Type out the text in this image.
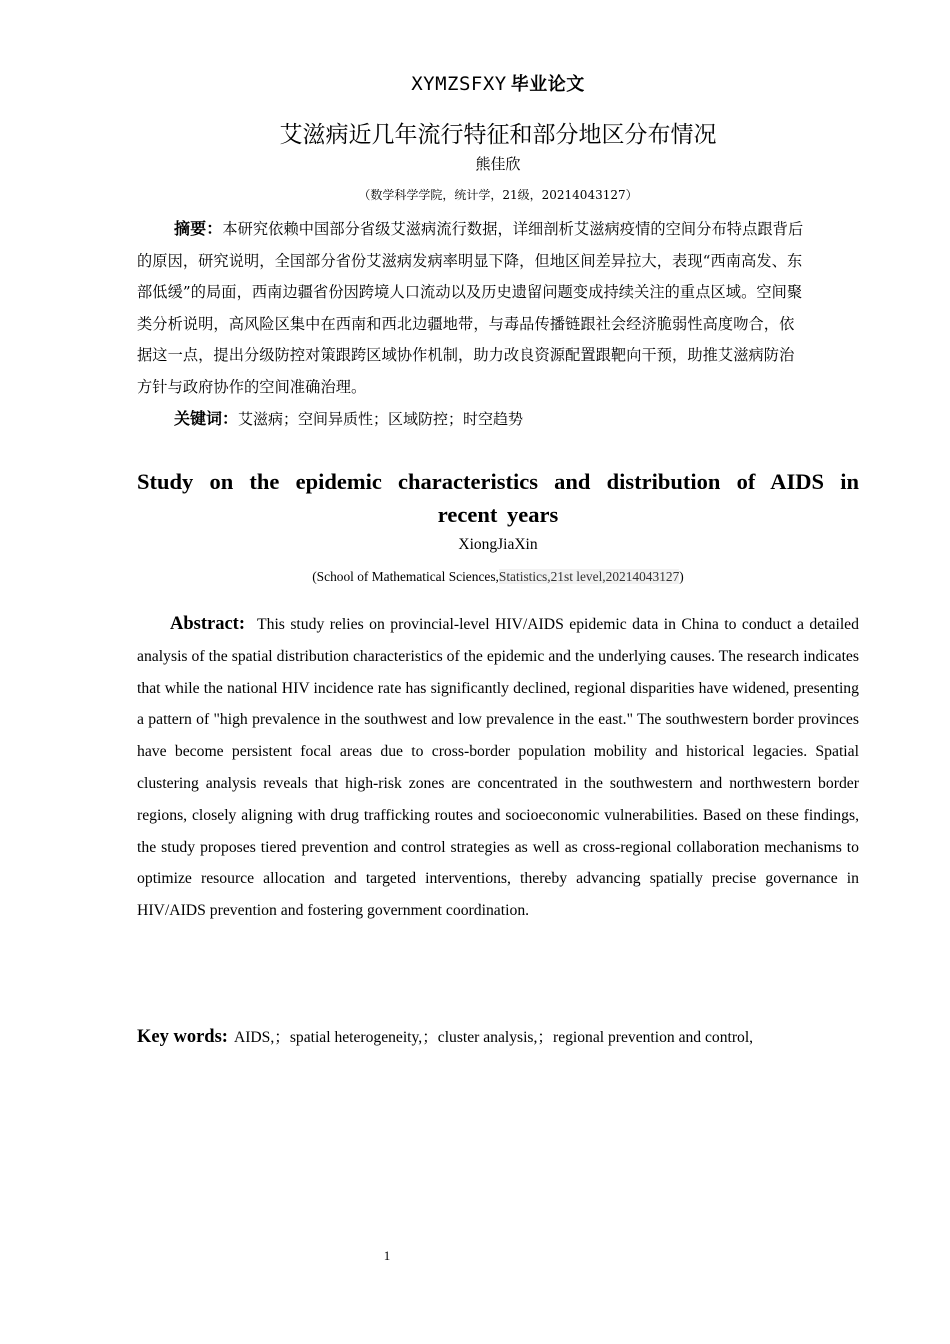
XYMZSFXY 毕业论文
艾滋病近几年流行特征和部分地区分布情况
熊佳欣
（数学科学学院，统计学，21级，20214043127）
摘要：本研究依赖中国部分省级艾滋病流行数据，详细剖析艾滋病疫情的空间分布特点跟背后的原因，研究说明，全国部分省份艾滋病发病率明显下降，但地区间差异拉大，表现“西南高发、东部低缓”的局面，西南边疆省份因跨境人口流动以及历史遗留问题变成持续关注的重点区域。空间聚类分析说明，高风险区集中在西南和西北边疆地带，与毒品传播链跟社会经济脆弱性高度吻合，依据这一点，提出分级防控对策跟跨区域协作机制，助力改良资源配置跟靶向干预，助推艾滋病防治方针与政府协作的空间准确治理。
关键词：艾滋病；空间异质性；区域防控；时空趋势
Study on the epidemic characteristics and distribution of AIDS in recent years
XiongJiaXin
(School of Mathematical Sciences,Statistics,21st level,20214043127)
Abstract: This study relies on provincial-level HIV/AIDS epidemic data in China to conduct a detailed analysis of the spatial distribution characteristics of the epidemic and the underlying causes. The research indicates that while the national HIV incidence rate has significantly declined, regional disparities have widened, presenting a pattern of "high prevalence in the southwest and low prevalence in the east." The southwestern border provinces have become persistent focal areas due to cross-border population mobility and historical legacies. Spatial clustering analysis reveals that high-risk zones are concentrated in the southwestern and northwestern border regions, closely aligning with drug trafficking routes and socioeconomic vulnerabilities. Based on these findings, the study proposes tiered prevention and control strategies as well as cross-regional collaboration mechanisms to optimize resource allocation and targeted interventions, thereby advancing spatially precise governance in HIV/AIDS prevention and fostering government coordination.
Key words: AIDS,；spatial heterogeneity,；cluster analysis,；regional prevention and control,
1
